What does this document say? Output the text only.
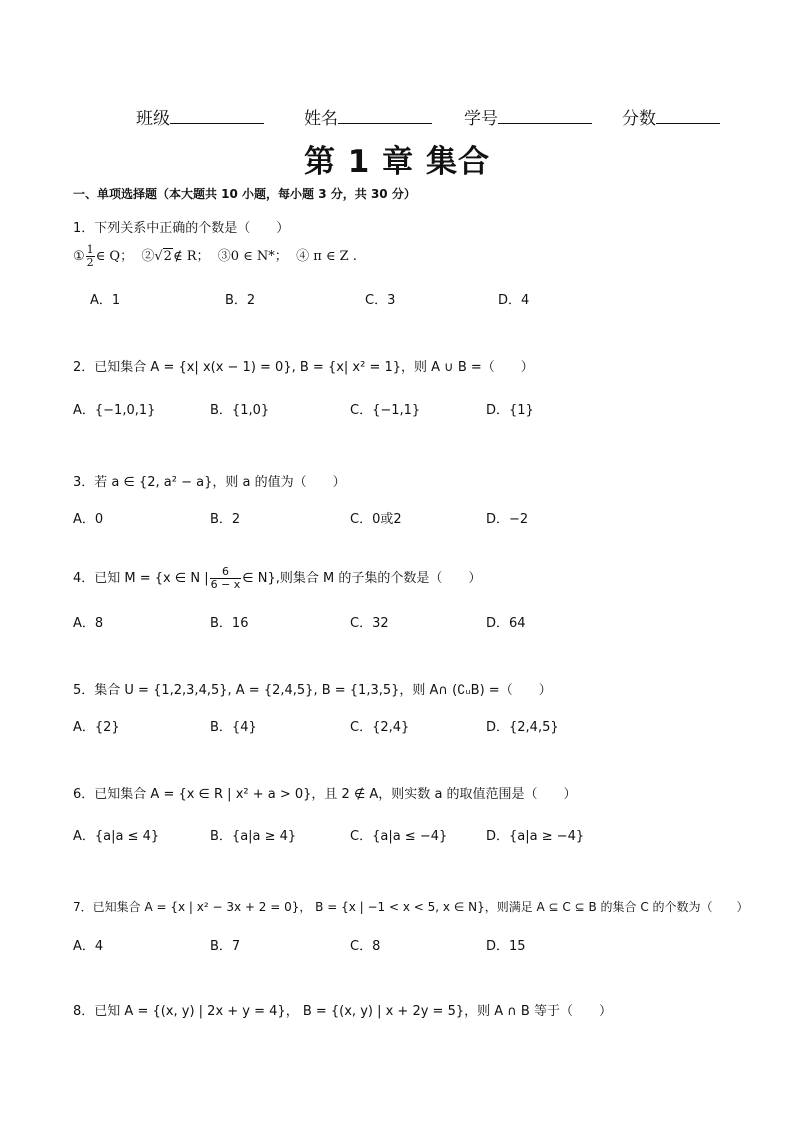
班级	姓名	学号	分数
第 1 章 集合
一、单项选择题（本大题共 10 小题，每小题 3 分，共 30 分）
1．下列关系中正确的个数是（　　）
① $\frac{1}{2}$ ∈ Q； ②√2∉ R； ③0 ∈ N*； ④ π ∈ Z .
A．1	B．2	C．3	D．4
2．已知集合 A = {x| x(x − 1) = 0}, B = {x| x² = 1}，则 A ∪ B =（　　）
A．{−1,0,1}	B．{1,0}	C．{−1,1}	D．{1}
3．若 a ∈ {2, a² − a}，则 a 的值为（　　）
A．0	B．2	C．0或2	D．−2
4．已知 M = {x ∈ N | $\frac{6}{6 - x}$ ∈ N},则集合 M 的子集的个数是（　　）
A．8	B．16	C．32	D．64
5．集合 U = {1,2,3,4,5}, A = {2,4,5}, B = {1,3,5}，则 A∩ (∁ᵤB) =（　　）
A．{2}	B．{4}	C．{2,4}	D．{2,4,5}
6．已知集合 A = {x ∈ R | x² + a > 0}，且 2 ∉ A，则实数 a 的取值范围是（　　）
A．{a|a ≤ 4}	B．{a|a ≥ 4}	C．{a|a ≤ −4}	D．{a|a ≥ −4}
7．已知集合 A = {x | x² − 3x + 2 = 0}， B = {x | −1 < x < 5, x ∈ N}，则满足 A ⊆ C ⊆ B 的集合 C 的个数为（　　）
A．4	B．7	C．8	D．15
8．已知 A = {(x, y) | 2x + y = 4}， B = {(x, y) | x + 2y = 5}，则 A ∩ B 等于（　　）
